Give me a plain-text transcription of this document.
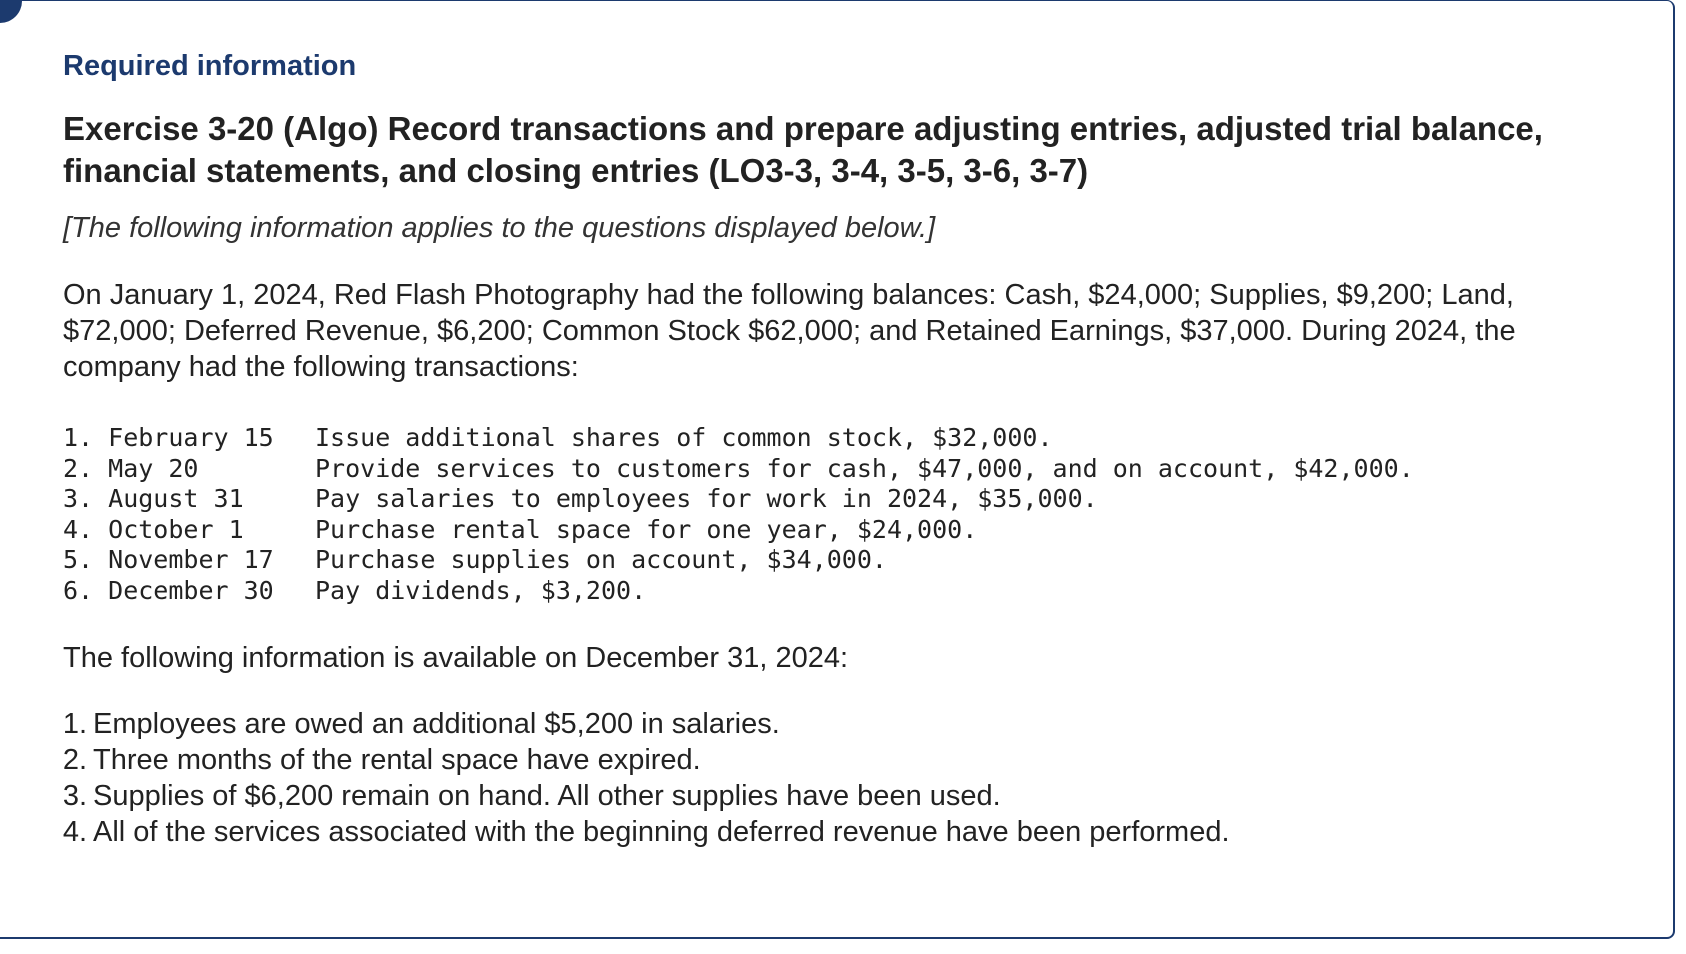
Required information
Exercise 3-20 (Algo) Record transactions and prepare adjusting entries, adjusted trial balance, financial statements, and closing entries (LO3-3, 3-4, 3-5, 3-6, 3-7)
[The following information applies to the questions displayed below.]
On January 1, 2024, Red Flash Photography had the following balances: Cash, $24,000; Supplies, $9,200; Land, $72,000; Deferred Revenue, $6,200; Common Stock $62,000; and Retained Earnings, $37,000. During 2024, the company had the following transactions:
1. February 15	Issue additional shares of common stock, $32,000.
2. May 20	Provide services to customers for cash, $47,000, and on account, $42,000.
3. August 31	Pay salaries to employees for work in 2024, $35,000.
4. October 1	Purchase rental space for one year, $24,000.
5. November 17	Purchase supplies on account, $34,000.
6. December 30	Pay dividends, $3,200.
The following information is available on December 31, 2024:
1. Employees are owed an additional $5,200 in salaries.
2. Three months of the rental space have expired.
3. Supplies of $6,200 remain on hand. All other supplies have been used.
4. All of the services associated with the beginning deferred revenue have been performed.
